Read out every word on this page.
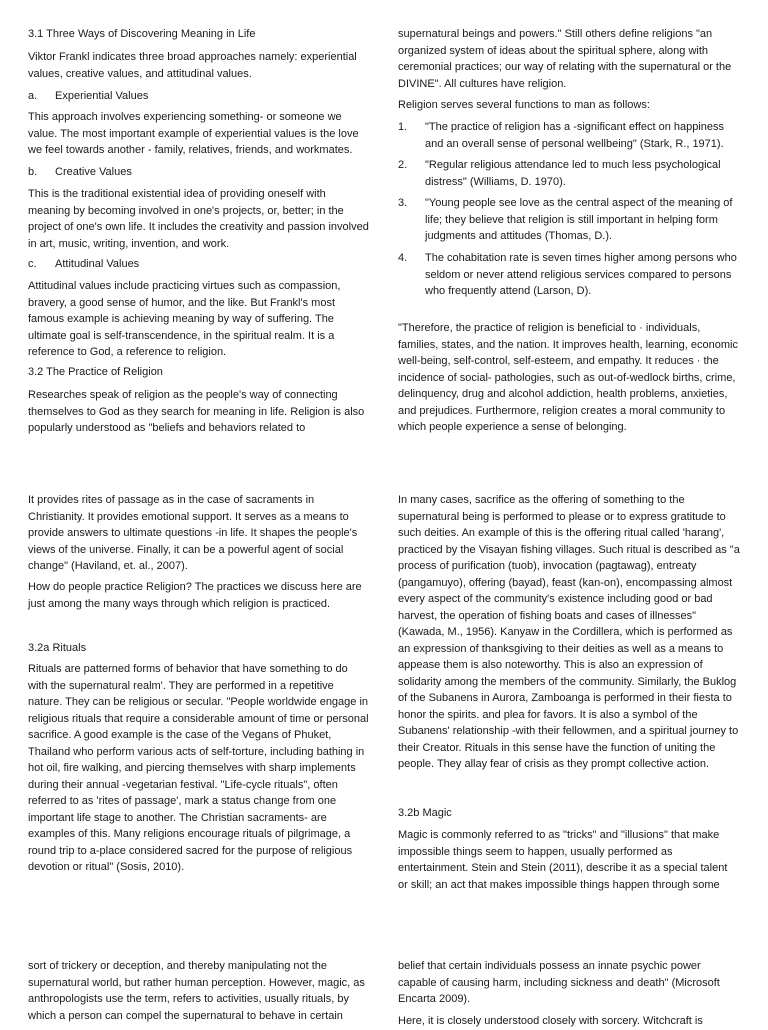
3.1 Three Ways of Discovering Meaning in Life

Viktor Frankl indicates three broad approaches namely: experiential values, creative values, and attitudinal values.

a.	Experiential Values

This approach involves experiencing something- or someone we value. The most important example of experiential values is the love we feel towards another - family, relatives, friends, and workmates.

b.	Creative Values

This is the traditional existential idea of providing oneself with meaning by becoming involved in one's projects, or, better; in the project of one's own life. It includes the creativity and passion involved in art, music, writing, invention, and work.

c.	Attitudinal Values

Attitudinal values include practicing virtues such as compassion, bravery, a good sense of humor, and the like. But Frankl's most famous example is achieving meaning by way of suffering. The ultimate goal is self-transcendence, in the spiritual realm. It is a reference to God, a reference to religion.

3.2 The Practice of Religion

Researches speak of religion as the people's way of connecting themselves to God as they search for meaning in life. Religion is also popularly understood as "beliefs and behaviors related to

It provides rites of passage as in the case of sacraments in Christianity. It provides emotional support. It serves as a means to provide answers to ultimate questions -in life. It shapes the people's views of the universe. Finally, it can be a powerful agent of social change" (Haviland, et. al., 2007).

How do people practice Religion? The practices we discuss here are just among the many ways through which religion is practiced.

3.2a Rituals

Rituals are patterned forms of behavior that have something to do with the supernatural realm'. They are performed in a repetitive nature. They can be religious or secular. "People worldwide engage in religious rituals that require a considerable amount of time or personal sacrifice. A good example is the case of the Vegans of Phuket, Thailand who perform various acts of self-torture, including bathing in hot oil, fire walking, and piercing themselves with sharp implements during their annual -vegetarian festival. "Life-cycle rituals", often referred to as 'rites of passage', mark a status change from one important life stage to another. The Christian sacraments- are examples of this. Many religions encourage rituals of pilgrimage, a round trip to a-place considered sacred for the purpose of religious devotion or ritual" (Sosis, 2010).

sort of trickery or deception, and thereby manipulating not the supernatural world, but rather human perception. However, magic, as anthropologists use the term, refers to activities, usually rituals, by which a person can compel the supernatural to behave in certain

supernatural beings and powers." Still others define religions "an organized system of ideas about the spiritual sphere, along with ceremonial practices; our way of relating with the supernatural or the DIVINE". All cultures have religion.

Religion serves several functions to man as follows:

1.	"The practice of religion has a -significant effect on happiness and an overall sense of personal wellbeing" (Stark, R., 1971).
2.	"Regular religious attendance led to much less psychological distress" (Williams, D. 1970).
3.	"Young people see love as the central aspect of the meaning of life; they believe that religion is still important in helping form judgments and attitudes (Thomas, D.).
4.	The cohabitation rate is seven times higher among persons who seldom or never attend religious services compared to persons who frequently attend (Larson, D).

"Therefore, the practice of religion is beneficial to · individuals, families, states, and the nation. It improves health, learning, economic well-being, self-control, self-esteem, and empathy. It reduces · the incidence of social- pathologies, such as out-of-wedlock births, crime, delinquency, drug and alcohol addiction, health problems, anxieties, and prejudices. Furthermore, religion creates a moral community to which people experience a sense of belonging.

In many cases, sacrifice as the offering of something to the supernatural being is performed to please or to express gratitude to such deities. An example of this is the offering ritual called 'harang', practiced by the Visayan fishing villages. Such ritual is described as "a process of purification (tuob), invocation (pagtawag), entreaty (pangamuyo), offering (bayad), feast (kan-on), encompassing almost every aspect of the community's existence including good or bad harvest, the operation of fishing boats and cases of illnesses" (Kawada, M., 1956). Kanyaw in the Cordillera, which is performed as an expression of thanksgiving to their deities as well as a means to appease them is also noteworthy. This is also an expression of solidarity among the members of the community. Similarly, the Buklog of the Subanens in Aurora, Zamboanga is performed in their fiesta to honor the spirits. and plea for favors. It is also a symbol of the Subanens' relationship -with their fellowmen, and a spiritual journey to their Creator. Rituals in this sense have the function of uniting the people. They allay fear of crisis as they prompt collective action.

3.2b Magic

Magic is commonly referred to as "tricks" and "illusions" that make impossible things seem to happen, usually performed as entertainment. Stein and Stein (2011), describe it as a special talent or skill; an act that makes impossible things happen through some

belief that certain individuals possess an innate psychic power capable of causing harm, including sickness and death" (Microsoft Encarta 2009).

Here, it is closely understood closely with sorcery. Witchcraft is
